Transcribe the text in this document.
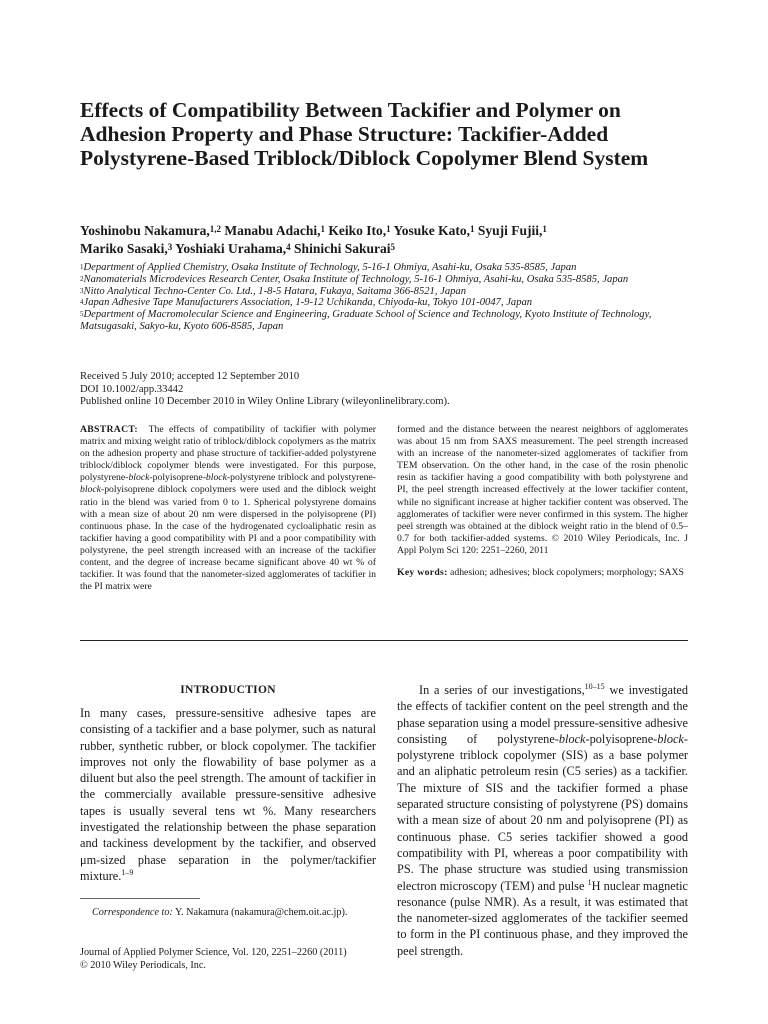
Effects of Compatibility Between Tackifier and Polymer on Adhesion Property and Phase Structure: Tackifier-Added Polystyrene-Based Triblock/Diblock Copolymer Blend System
Yoshinobu Nakamura,$^{1,2}$ Manabu Adachi,$^1$ Keiko Ito,$^1$ Yosuke Kato,$^1$ Syuji Fujii,$^1$
Mariko Sasaki,$^3$ Yoshiaki Urahama,$^4$ Shinichi Sakurai$^5$
$^1$Department of Applied Chemistry, Osaka Institute of Technology, 5-16-1 Ohmiya, Asahi-ku, Osaka 535-8585, Japan
$^2$Nanomaterials Microdevices Research Center, Osaka Institute of Technology, 5-16-1 Ohmiya, Asahi-ku, Osaka 535-8585, Japan
$^3$Nitto Analytical Techno-Center Co. Ltd., 1-8-5 Hatara, Fukaya, Saitama 366-8521, Japan
$^4$Japan Adhesive Tape Manufacturers Association, 1-9-12 Uchikanda, Chiyoda-ku, Tokyo 101-0047, Japan
$^5$Department of Macromolecular Science and Engineering, Graduate School of Science and Technology, Kyoto Institute of Technology, Matsugasaki, Sakyo-ku, Kyoto 606-8585, Japan
Received 5 July 2010; accepted 12 September 2010
DOI 10.1002/app.33442
Published online 10 December 2010 in Wiley Online Library (wileyonlinelibrary.com).
ABSTRACT: The effects of compatibility of tackifier with polymer matrix and mixing weight ratio of triblock/diblock copolymers as the matrix on the adhesion property and phase structure of tackifier-added polystyrene triblock/diblock copolymer blends were investigated. For this purpose, polystyrene-block-polyisoprene-block-polystyrene triblock and polystyrene-block-polyisoprene diblock copolymers were used and the diblock weight ratio in the blend was varied from 0 to 1. Spherical polystyrene domains with a mean size of about 20 nm were dispersed in the polyisoprene (PI) continuous phase. In the case of the hydrogenated cycloaliphatic resin as tackifier having a good compatibility with PI and a poor compatibility with polystyrene, the peel strength increased with an increase of the tackifier content, and the degree of increase became significant above 40 wt % of tackifier. It was found that the nanometer-sized agglomerates of tackifier in the PI matrix were
formed and the distance between the nearest neighbors of agglomerates was about 15 nm from SAXS measurement. The peel strength increased with an increase of the nanometer-sized agglomerates of tackifier from TEM observation. On the other hand, in the case of the rosin phenolic resin as tackifier having a good compatibility with both polystyrene and PI, the peel strength increased effectively at the lower tackifier content, while no significant increase at higher tackifier content was observed. The agglomerates of tackifier were never confirmed in this system. The higher peel strength was obtained at the diblock weight ratio in the blend of 0.5–0.7 for both tackifier-added systems. © 2010 Wiley Periodicals, Inc. J Appl Polym Sci 120: 2251–2260, 2011
Key words: adhesion; adhesives; block copolymers; morphology; SAXS
INTRODUCTION

In many cases, pressure-sensitive adhesive tapes are consisting of a tackifier and a base polymer, such as natural rubber, synthetic rubber, or block copolymer. The tackifier improves not only the flowability of base polymer as a diluent but also the peel strength. The amount of tackifier in the commercially available pressure-sensitive adhesive tapes is usually several tens wt %. Many researchers investigated the relationship between the phase separation and tackiness development by the tackifier, and observed μm-sized phase separation in the polymer/tackifier mixture.$^{1-9}$

In a series of our investigations,$^{10-15}$ we investigated the effects of tackifier content on the peel strength and the phase separation using a model pressure-sensitive adhesive consisting of polystyrene-block-polyisoprene-block-polystyrene triblock copolymer (SIS) as a base polymer and an aliphatic petroleum resin (C5 series) as a tackifier. The mixture of SIS and the tackifier formed a phase separated structure consisting of polystyrene (PS) domains with a mean size of about 20 nm and polyisoprene (PI) as continuous phase. C5 series tackifier showed a good compatibility with PI, whereas a poor compatibility with PS. The phase structure was studied using transmission electron microscopy (TEM) and pulse $^1$H nuclear magnetic resonance (pulse NMR). As a result, it was estimated that the nanometer-sized agglomerates of the tackifier seemed to form in the PI continuous phase, and they improved the peel strength.

Correspondence to: Y. Nakamura (nakamura@chem.oit.ac.jp).
Journal of Applied Polymer Science, Vol. 120, 2251–2260 (2011)
© 2010 Wiley Periodicals, Inc.
